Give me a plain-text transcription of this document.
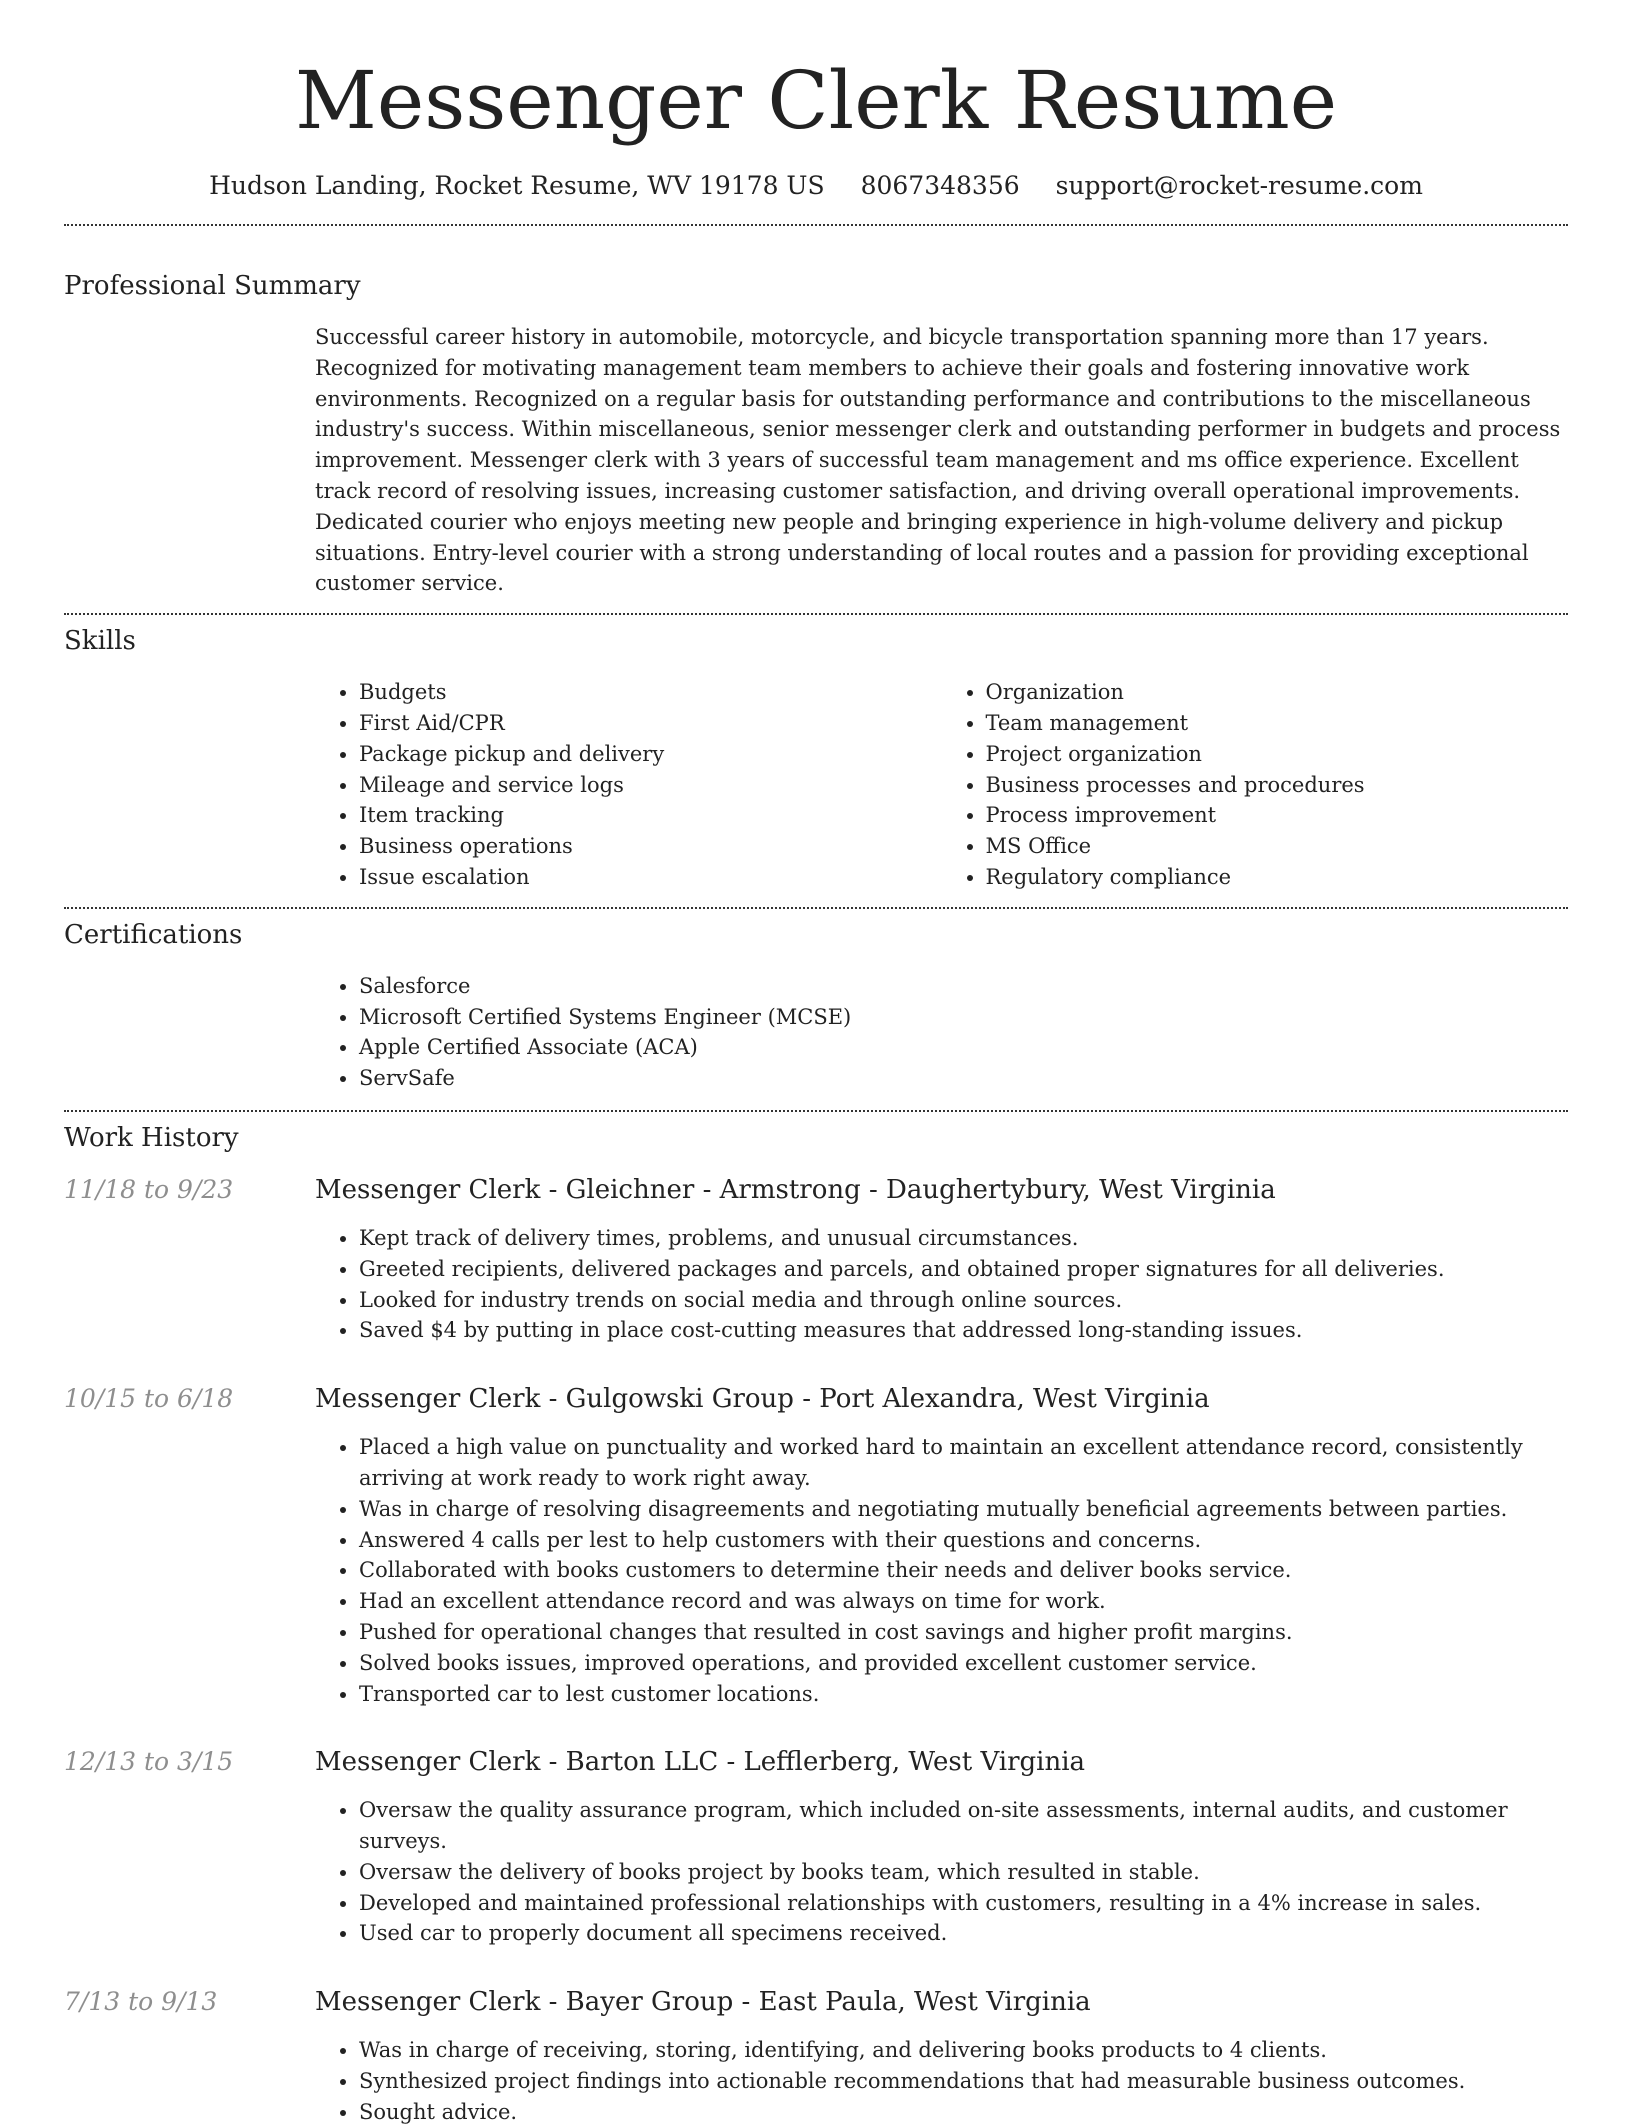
Messenger Clerk Resume
Hudson Landing, Rocket Resume, WV 19178 US 8067348356 support@rocket-resume.com
Professional Summary

Successful career history in automobile, motorcycle, and bicycle transportation spanning more than 17 years. Recognized for motivating management team members to achieve their goals and fostering innovative work environments. Recognized on a regular basis for outstanding performance and contributions to the miscellaneous industry's success. Within miscellaneous, senior messenger clerk and outstanding performer in budgets and process improvement. Messenger clerk with 3 years of successful team management and ms office experience. Excellent track record of resolving issues, increasing customer satisfaction, and driving overall operational improvements. Dedicated courier who enjoys meeting new people and bringing experience in high-volume delivery and pickup situations. Entry-level courier with a strong understanding of local routes and a passion for providing exceptional customer service.

Skills
• Budgets
• First Aid/CPR
• Package pickup and delivery
• Mileage and service logs
• Item tracking
• Business operations
• Issue escalation
• Organization
• Team management
• Project organization
• Business processes and procedures
• Process improvement
• MS Office
• Regulatory compliance
Certifications
• Salesforce
• Microsoft Certified Systems Engineer (MCSE)
• Apple Certified Associate (ACA)
• ServSafe
Work History
11/18 to 9/23	Messenger Clerk - Gleichner - Armstrong - Daughertybury, West Virginia
• Kept track of delivery times, problems, and unusual circumstances.
• Greeted recipients, delivered packages and parcels, and obtained proper signatures for all deliveries.
• Looked for industry trends on social media and through online sources.
• Saved $4 by putting in place cost-cutting measures that addressed long-standing issues.
10/15 to 6/18	Messenger Clerk - Gulgowski Group - Port Alexandra, West Virginia
• Placed a high value on punctuality and worked hard to maintain an excellent attendance record, consistently arriving at work ready to work right away.
• Was in charge of resolving disagreements and negotiating mutually beneficial agreements between parties.
• Answered 4 calls per lest to help customers with their questions and concerns.
• Collaborated with books customers to determine their needs and deliver books service.
• Had an excellent attendance record and was always on time for work.
• Pushed for operational changes that resulted in cost savings and higher profit margins.
• Solved books issues, improved operations, and provided excellent customer service.
• Transported car to lest customer locations.
12/13 to 3/15	Messenger Clerk - Barton LLC - Lefflerberg, West Virginia
• Oversaw the quality assurance program, which included on-site assessments, internal audits, and customer surveys.
• Oversaw the delivery of books project by books team, which resulted in stable.
• Developed and maintained professional relationships with customers, resulting in a 4% increase in sales.
• Used car to properly document all specimens received.
7/13 to 9/13	Messenger Clerk - Bayer Group - East Paula, West Virginia
• Was in charge of receiving, storing, identifying, and delivering books products to 4 clients.
• Synthesized project findings into actionable recommendations that had measurable business outcomes.
• Sought advice.
